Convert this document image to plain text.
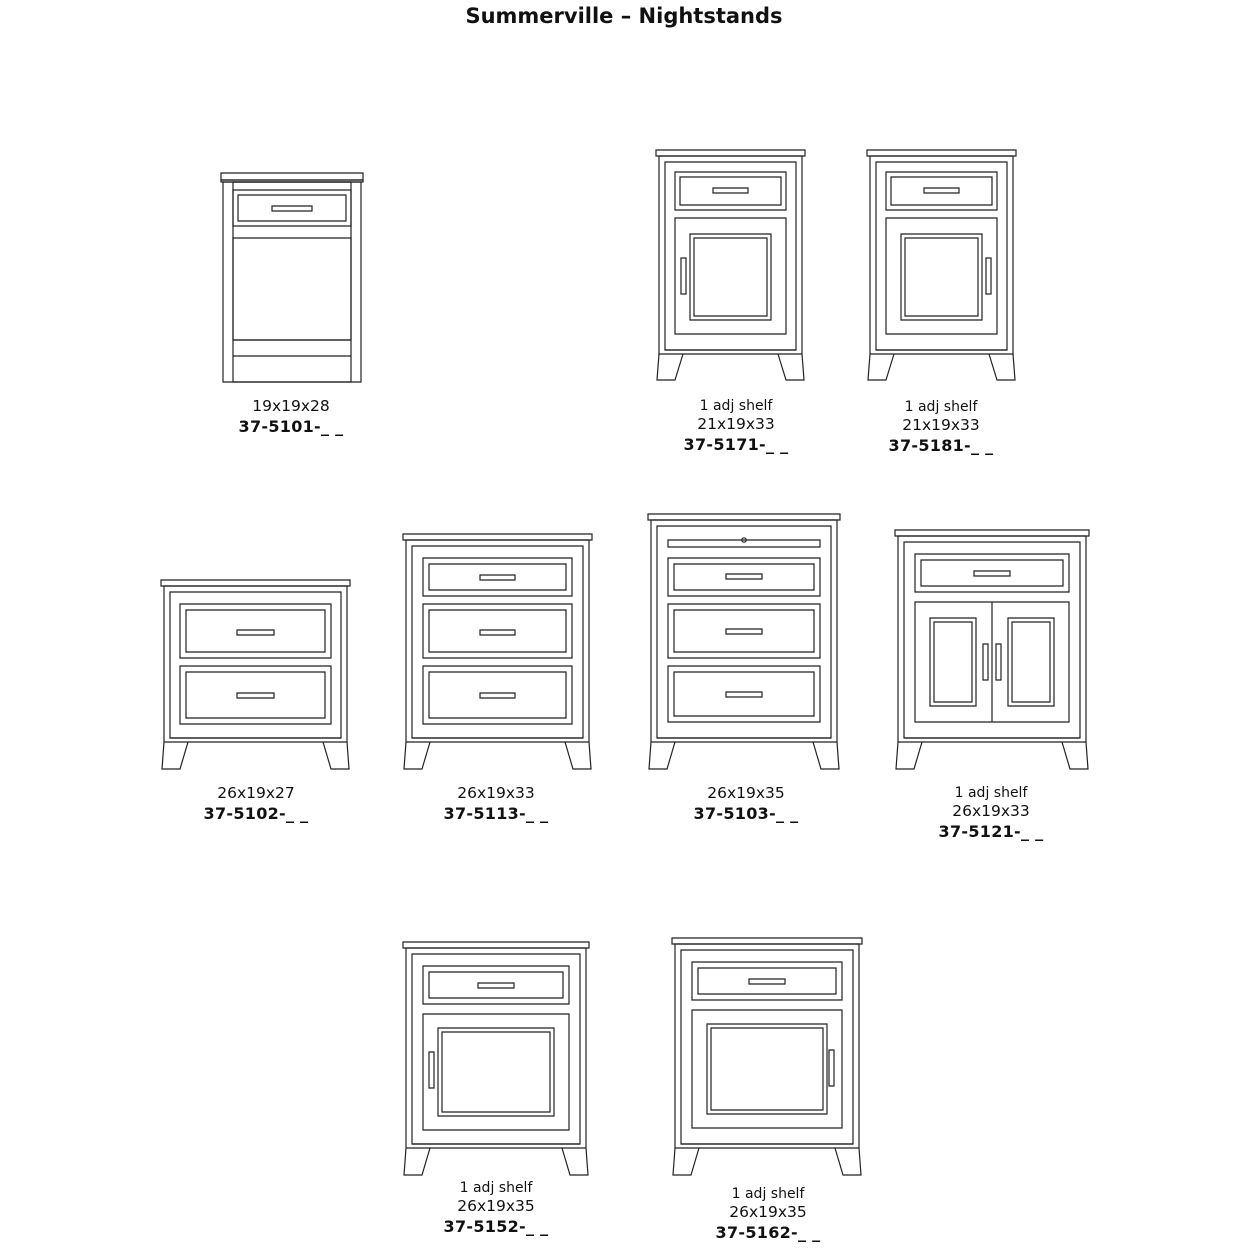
Summerville – Nightstands
19x19x28
37-5101-_ _
1 adj shelf
21x19x33
37-5171-_ _
1 adj shelf
21x19x33
37-5181-_ _
26x19x27
37-5102-_ _
26x19x33
37-5113-_ _
26x19x35
37-5103-_ _
1 adj shelf
26x19x33
37-5121-_ _
1 adj shelf
26x19x35
37-5152-_ _
1 adj shelf
26x19x35
37-5162-_ _
